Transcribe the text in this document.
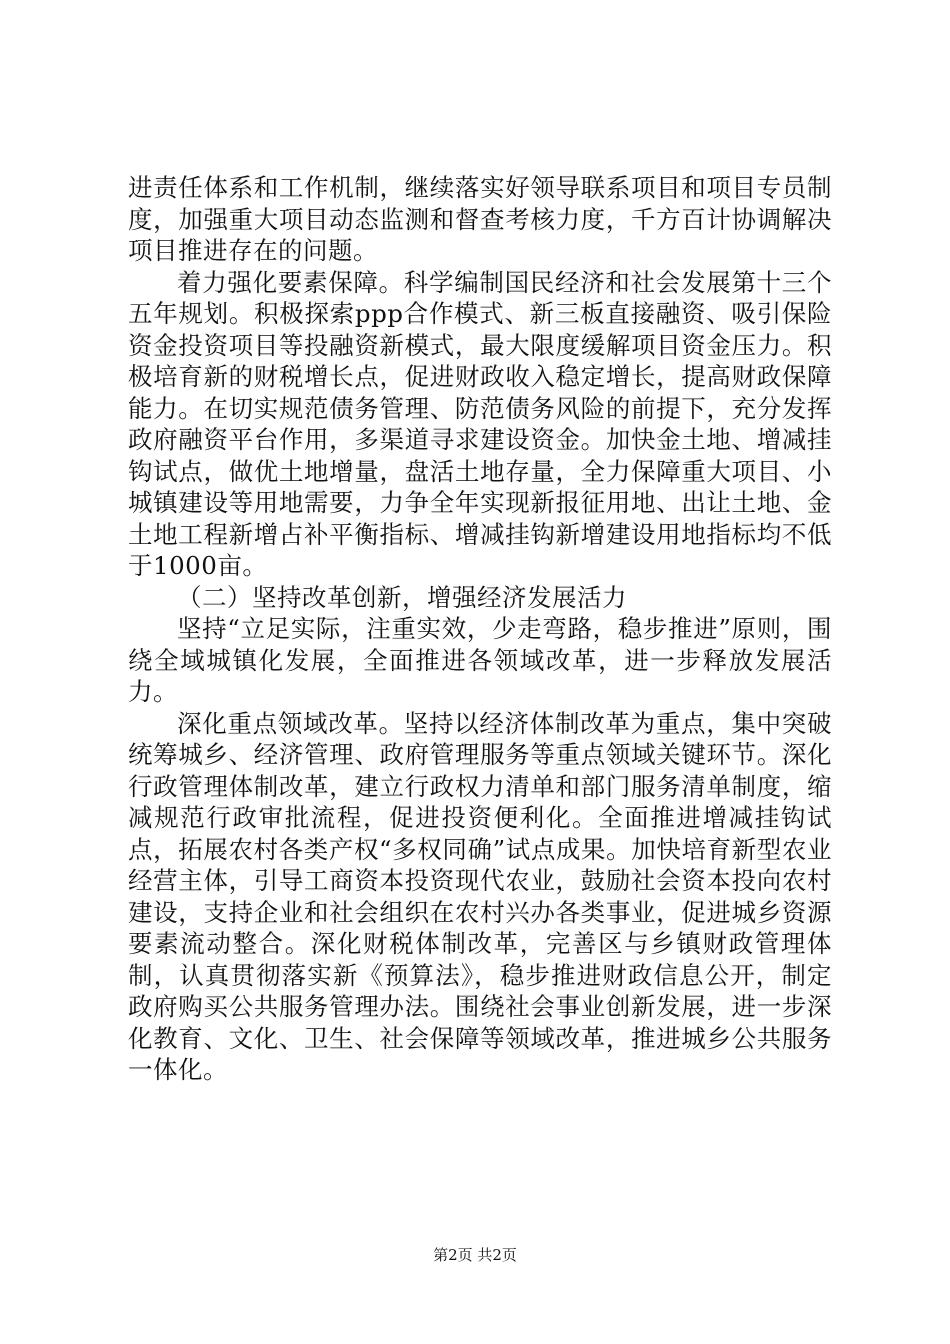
进责任体系和工作机制，继续落实好领导联系项目和项目专员制度，加强重大项目动态监测和督查考核力度，千方百计协调解决项目推进存在的问题。

着力强化要素保障。科学编制国民经济和社会发展第十三个五年规划。积极探索ppp合作模式、新三板直接融资、吸引保险资金投资项目等投融资新模式，最大限度缓解项目资金压力。积极培育新的财税增长点，促进财政收入稳定增长，提高财政保障能力。在切实规范债务管理、防范债务风险的前提下，充分发挥政府融资平台作用，多渠道寻求建设资金。加快金土地、增减挂钩试点，做优土地增量，盘活土地存量，全力保障重大项目、小城镇建设等用地需要，力争全年实现新报征用地、出让土地、金土地工程新增占补平衡指标、增减挂钩新增建设用地指标均不低于1000亩。

（二）坚持改革创新，增强经济发展活力

坚持“立足实际，注重实效，少走弯路，稳步推进”原则，围绕全域城镇化发展，全面推进各领域改革，进一步释放发展活力。

深化重点领域改革。坚持以经济体制改革为重点，集中突破统筹城乡、经济管理、政府管理服务等重点领域关键环节。深化行政管理体制改革，建立行政权力清单和部门服务清单制度，缩减规范行政审批流程，促进投资便利化。全面推进增减挂钩试点，拓展农村各类产权“多权同确”试点成果。加快培育新型农业经营主体，引导工商资本投资现代农业，鼓励社会资本投向农村建设，支持企业和社会组织在农村兴办各类事业，促进城乡资源要素流动整合。深化财税体制改革，完善区与乡镇财政管理体制，认真贯彻落实新《预算法》，稳步推进财政信息公开，制定政府购买公共服务管理办法。围绕社会事业创新发展，进一步深化教育、文化、卫生、社会保障等领域改革，推进城乡公共服务一体化。

第2页 共2页
